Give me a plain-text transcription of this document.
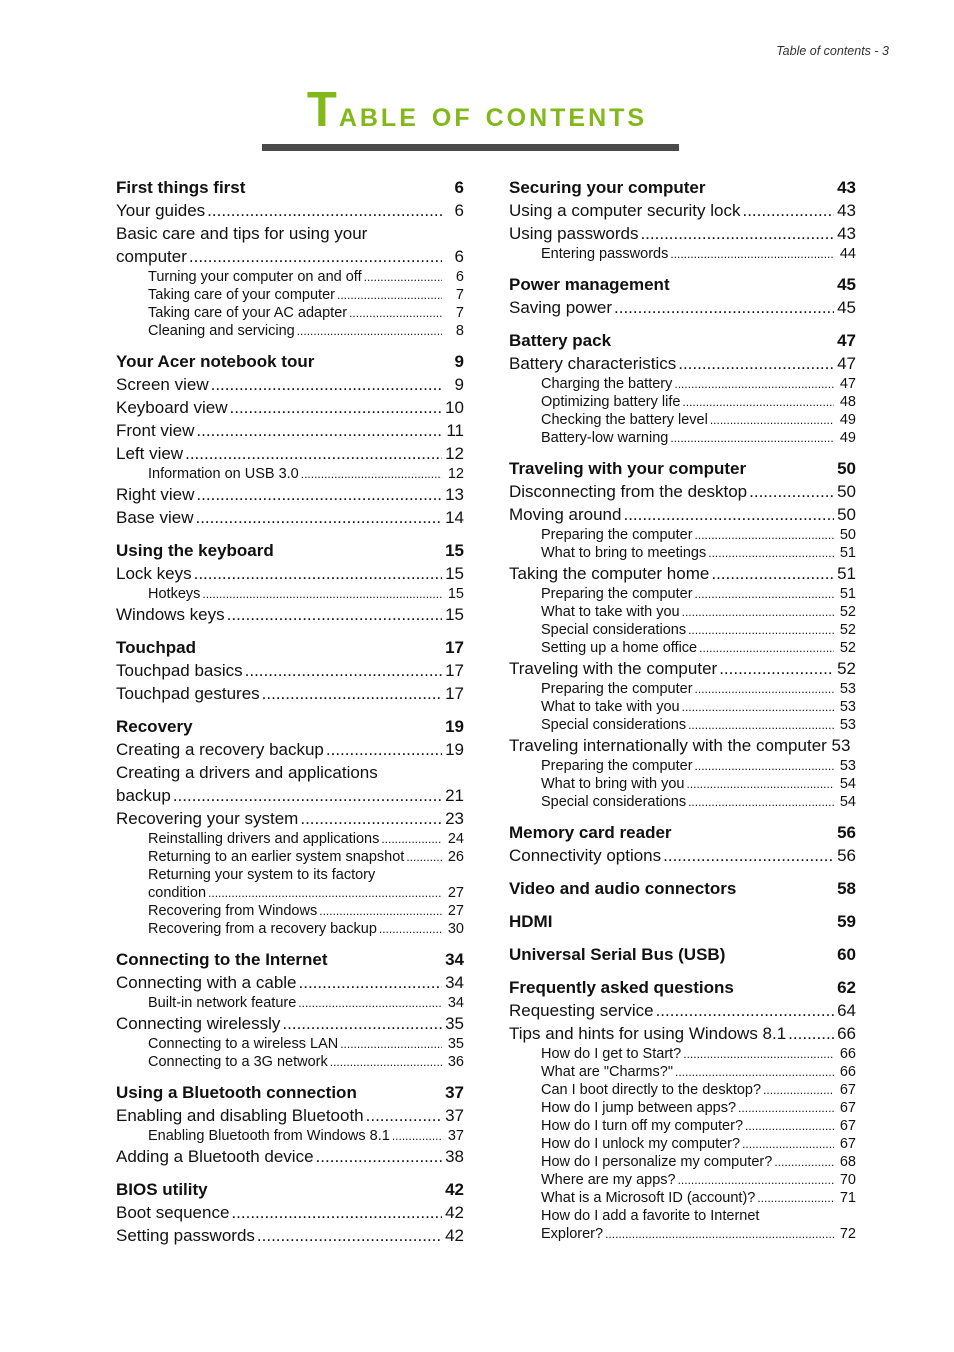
Table of contents - 3
Table of contents
First things first	6
Your guides .....	6
Basic care and tips for using your
computer .....	6
Turning your computer on and off .....	6
Taking care of your computer .....	7
Taking care of your AC adapter .....	7
Cleaning and servicing .....	8
Your Acer notebook tour	9
Screen view .....	9
Keyboard view .....	10
Front view .....	11
Left view .....	12
Information on USB 3.0 .....	12
Right view .....	13
Base view .....	14
Using the keyboard	15
Lock keys .....	15
Hotkeys .....	15
Windows keys .....	15
Touchpad	17
Touchpad basics .....	17
Touchpad gestures .....	17
Recovery	19
Creating a recovery backup .....	19
Creating a drivers and applications
backup .....	21
Recovering your system .....	23
Reinstalling drivers and applications .....	24
Returning to an earlier system snapshot .....	26
Returning your system to its factory
condition .....	27
Recovering from Windows .....	27
Recovering from a recovery backup .....	30
Connecting to the Internet	34
Connecting with a cable .....	34
Built-in network feature .....	34
Connecting wirelessly .....	35
Connecting to a wireless LAN .....	35
Connecting to a 3G network .....	36
Using a Bluetooth connection	37
Enabling and disabling Bluetooth .....	37
Enabling Bluetooth from Windows 8.1 .....	37
Adding a Bluetooth device .....	38
BIOS utility	42
Boot sequence .....	42
Setting passwords .....	42
Securing your computer	43
Using a computer security lock .....	43
Using passwords .....	43
Entering passwords .....	44
Power management	45
Saving power .....	45
Battery pack	47
Battery characteristics .....	47
Charging the battery .....	47
Optimizing battery life .....	48
Checking the battery level .....	49
Battery-low warning .....	49
Traveling with your computer	50
Disconnecting from the desktop .....	50
Moving around .....	50
Preparing the computer .....	50
What to bring to meetings .....	51
Taking the computer home .....	51
Preparing the computer .....	51
What to take with you .....	52
Special considerations .....	52
Setting up a home office .....	52
Traveling with the computer .....	52
Preparing the computer .....	53
What to take with you .....	53
Special considerations .....	53
Traveling internationally with the computer 53
Preparing the computer .....	53
What to bring with you .....	54
Special considerations .....	54
Memory card reader	56
Connectivity options .....	56
Video and audio connectors	58
HDMI	59
Universal Serial Bus (USB)	60
Frequently asked questions	62
Requesting service .....	64
Tips and hints for using Windows 8.1 .....	66
How do I get to Start? .....	66
What are "Charms?" .....	66
Can I boot directly to the desktop? .....	67
How do I jump between apps? .....	67
How do I turn off my computer? .....	67
How do I unlock my computer? .....	67
How do I personalize my computer? .....	68
Where are my apps? .....	70
What is a Microsoft ID (account)? .....	71
How do I add a favorite to Internet
Explorer? .....	72
